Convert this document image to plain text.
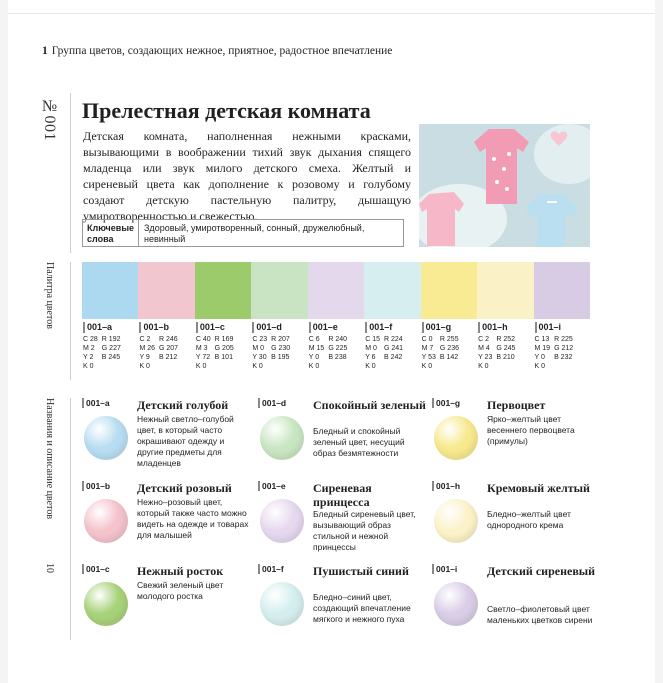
1 Группа цветов, создающих нежное, приятное, радостное впечатление
№001
Палитра цветов
Названия и описание цветов
10
Прелестная детская комната

Детская комната, наполненная нежными красками, вызывающими в воображении тихий звук дыхания спящего младенца или звук милого детского смеха. Желтый и сиреневый цвета как дополнение к розовому и голубому создают детскую пастельную палитру, дышащую умиротворенностью и свежестью.

Ключевые слова
Здоровый, умиротворенный, сонный, дружелюбный, невинный
001–a
C 28
M 2
Y 2
K 0
R 192
G 227
B 245
001–b
C 2
M 26
Y 9
K 0
R 246
G 207
B 212
001–c
C 40
M 3
Y 72
K 0
R 169
G 205
B 101
001–d
C 23
M 0
Y 30
K 0
R 207
G 230
B 195
001–e
C 6
M 15
Y 0
K 0
R 240
G 225
B 238
001–f
C 15
M 0
Y 6
K 0
R 224
G 241
B 242
001–g
C 0
M 7
Y 53
K 0
R 255
G 236
B 142
001–h
C 2
M 4
Y 23
K 0
R 252
G 245
B 210
001–i
C 13
M 19
Y 0
K 0
R 225
G 212
B 232
001–a Детский голубой
Нежный светло–голубой цвет, в который часто окрашивают одежду и другие предметы для младенцев
001–b Детский розовый
Нежно–розовый цвет, который также часто можно видеть на одежде и товарах для малышей
001–c Нежный росток
Свежий зеленый цвет молодого ростка
001–d Спокойный зеленый
Бледный и спокойный зеленый цвет, несущий образ безмятежности
001–e Сиреневая принцесса
Бледный сиреневый цвет, вызывающий образ стильной и нежной принцессы
001–f Пушистый синий
Бледно–синий цвет, создающий впечатление мягкого и нежного пуха
001–g Первоцвет
Ярко–желтый цвет весеннего первоцвета (примулы)
001–h Кремовый желтый
Бледно–желтый цвет однородного крема
001–i Детский сиреневый
Светло–фиолетовый цвет маленьких цветков сирени
